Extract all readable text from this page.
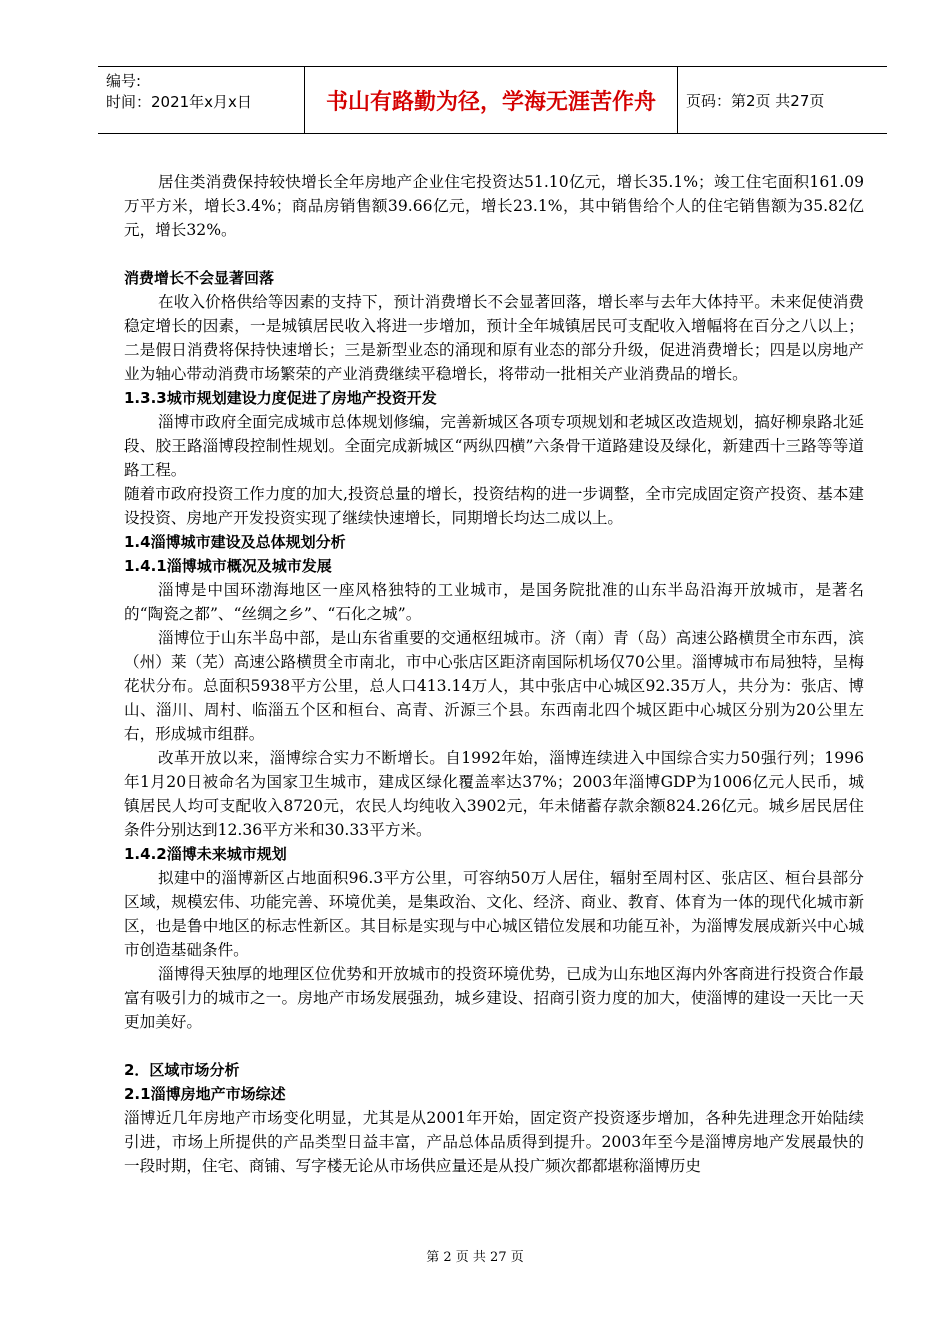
编号:
时间：2021年x月x日	书山有路勤为径，学海无涯苦作舟	页码：第2页 共27页

居住类消费保持较快增长全年房地产企业住宅投资达51.10亿元，增长35.1%；竣工住宅面积161.09万平方米，增长3.4%；商品房销售额39.66亿元，增长23.1%，其中销售给个人的住宅销售额为35.82亿元，增长32%。

消费增长不会显著回落

在收入价格供给等因素的支持下，预计消费增长不会显著回落，增长率与去年大体持平。未来促使消费稳定增长的因素，一是城镇居民收入将进一步增加，预计全年城镇居民可支配收入增幅将在百分之八以上；二是假日消费将保持快速增长；三是新型业态的涌现和原有业态的部分升级，促进消费增长；四是以房地产业为轴心带动消费市场繁荣的产业消费继续平稳增长，将带动一批相关产业消费品的增长。

1.3.3城市规划建设力度促进了房地产投资开发

淄博市政府全面完成城市总体规划修编，完善新城区各项专项规划和老城区改造规划，搞好柳泉路北延段、胶王路淄博段控制性规划。全面完成新城区“两纵四横”六条骨干道路建设及绿化，新建西十三路等等道路工程。

随着市政府投资工作力度的加大,投资总量的增长，投资结构的进一步调整，全市完成固定资产投资、基本建设投资、房地产开发投资实现了继续快速增长，同期增长均达二成以上。

1.4淄博城市建设及总体规划分析

1.4.1淄博城市概况及城市发展

淄博是中国环渤海地区一座风格独特的工业城市，是国务院批准的山东半岛沿海开放城市，是著名的“陶瓷之都”、“丝绸之乡”、“石化之城”。

淄博位于山东半岛中部，是山东省重要的交通枢纽城市。济（南）青（岛）高速公路横贯全市东西，滨（州）莱（芜）高速公路横贯全市南北，市中心张店区距济南国际机场仅70公里。淄博城市布局独特，呈梅花状分布。总面积5938平方公里，总人口413.14万人，其中张店中心城区92.35万人，共分为：张店、博山、淄川、周村、临淄五个区和桓台、高青、沂源三个县。东西南北四个城区距中心城区分别为20公里左右，形成城市组群。

改革开放以来，淄博综合实力不断增长。自1992年始，淄博连续进入中国综合实力50强行列；1996年1月20日被命名为国家卫生城市，建成区绿化覆盖率达37%；2003年淄博GDP为1006亿元人民币，城镇居民人均可支配收入8720元，农民人均纯收入3902元，年未储蓄存款余额824.26亿元。城乡居民居住条件分别达到12.36平方米和30.33平方米。

1.4.2淄博未来城市规划

拟建中的淄博新区占地面积96.3平方公里，可容纳50万人居住，辐射至周村区、张店区、桓台县部分区域，规模宏伟、功能完善、环境优美，是集政治、文化、经济、商业、教育、体育为一体的现代化城市新区，也是鲁中地区的标志性新区。其目标是实现与中心城区错位发展和功能互补，为淄博发展成新兴中心城市创造基础条件。

淄博得天独厚的地理区位优势和开放城市的投资环境优势，已成为山东地区海内外客商进行投资合作最富有吸引力的城市之一。房地产市场发展强劲，城乡建设、招商引资力度的加大，使淄博的建设一天比一天更加美好。

2．区域市场分析

2.1淄博房地产市场综述

淄博近几年房地产市场变化明显，尤其是从2001年开始，固定资产投资逐步增加，各种先进理念开始陆续引进，市场上所提供的产品类型日益丰富，产品总体品质得到提升。2003年至今是淄博房地产发展最快的一段时期，住宅、商铺、写字楼无论从市场供应量还是从投广频次都都堪称淄博历史

第 2 页 共 27 页
